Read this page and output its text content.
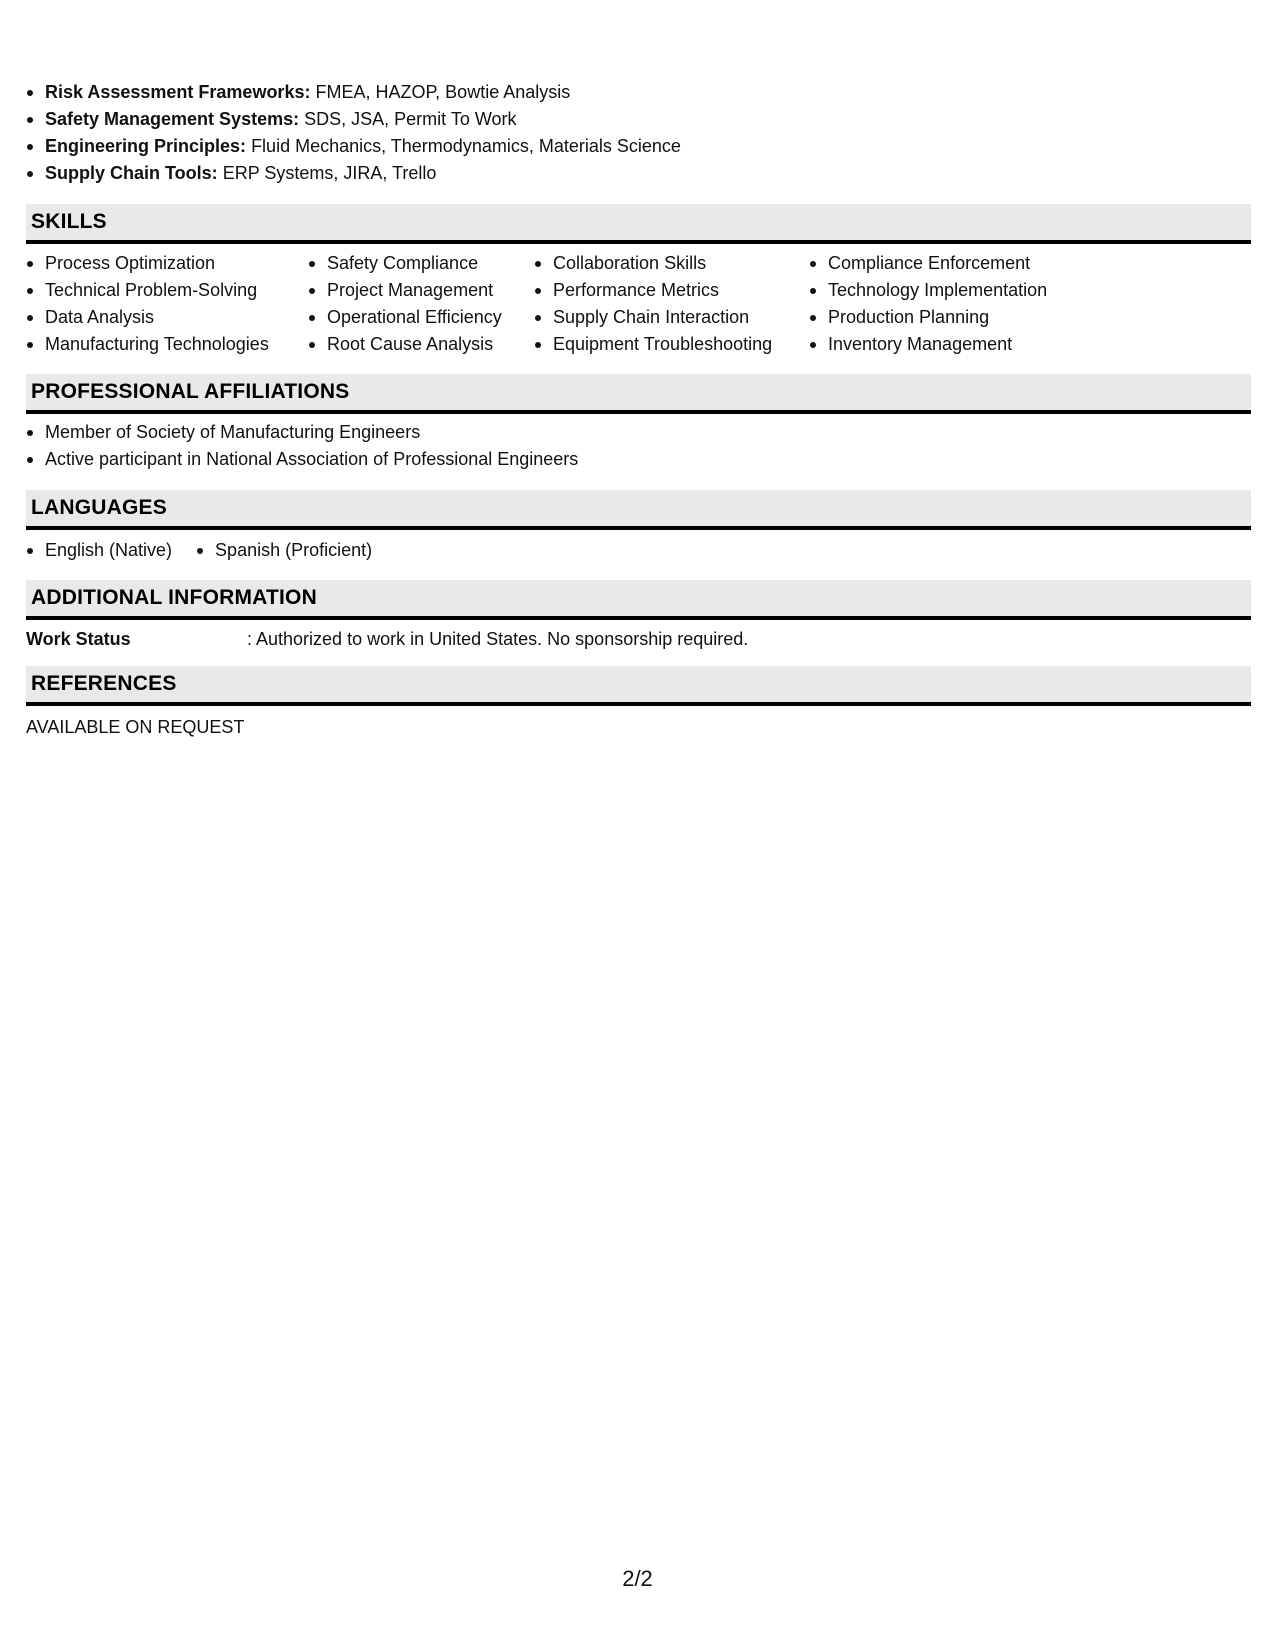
Risk Assessment Frameworks: FMEA, HAZOP, Bowtie Analysis
Safety Management Systems: SDS, JSA, Permit To Work
Engineering Principles: Fluid Mechanics, Thermodynamics, Materials Science
Supply Chain Tools: ERP Systems, JIRA, Trello
SKILLS
Process Optimization
Technical Problem-Solving
Data Analysis
Manufacturing Technologies
Safety Compliance
Project Management
Operational Efficiency
Root Cause Analysis
Collaboration Skills
Performance Metrics
Supply Chain Interaction
Equipment Troubleshooting
Compliance Enforcement
Technology Implementation
Production Planning
Inventory Management
PROFESSIONAL AFFILIATIONS
Member of Society of Manufacturing Engineers
Active participant in National Association of Professional Engineers
LANGUAGES
English (Native)	Spanish (Proficient)
ADDITIONAL INFORMATION
Work Status	: Authorized to work in United States. No sponsorship required.
REFERENCES
AVAILABLE ON REQUEST
2/2
